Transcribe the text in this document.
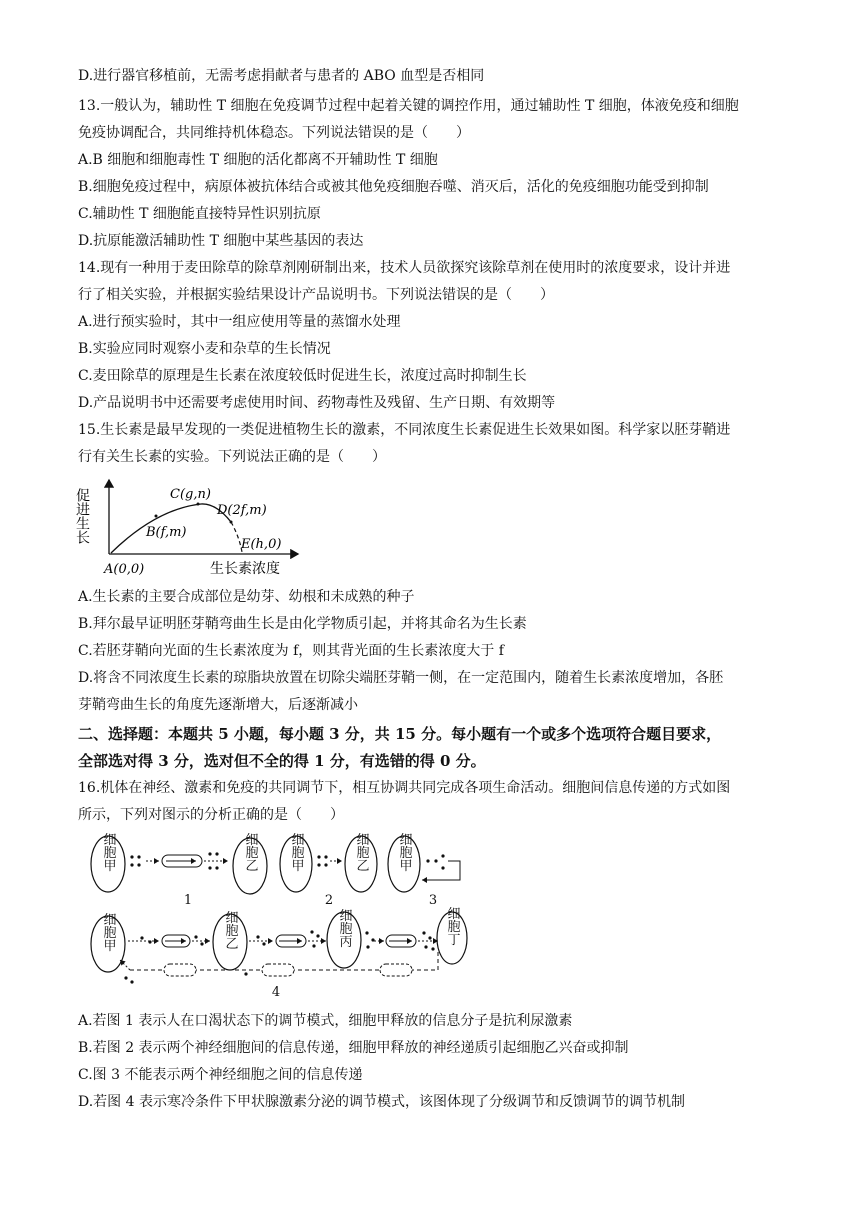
D.进行器官移植前，无需考虑捐献者与患者的 ABO 血型是否相同
13.一般认为，辅助性 T 细胞在免疫调节过程中起着关键的调控作用，通过辅助性 T 细胞，体液免疫和细胞
免疫协调配合，共同维持机体稳态。下列说法错误的是（　　）
A.B 细胞和细胞毒性 T 细胞的活化都离不开辅助性 T 细胞
B.细胞免疫过程中，病原体被抗体结合或被其他免疫细胞吞噬、消灭后，活化的免疫细胞功能受到抑制
C.辅助性 T 细胞能直接特异性识别抗原
D.抗原能激活辅助性 T 细胞中某些基因的表达
14.现有一种用于麦田除草的除草剂刚研制出来，技术人员欲探究该除草剂在使用时的浓度要求，设计并进
行了相关实验，并根据实验结果设计产品说明书。下列说法错误的是（　　）
A.进行预实验时，其中一组应使用等量的蒸馏水处理
B.实验应同时观察小麦和杂草的生长情况
C.麦田除草的原理是生长素在浓度较低时促进生长，浓度过高时抑制生长
D.产品说明书中还需要考虑使用时间、药物毒性及残留、生产日期、有效期等
15.生长素是最早发现的一类促进植物生长的激素，不同浓度生长素促进生长效果如图。科学家以胚芽鞘进
行有关生长素的实验。下列说法正确的是（　　）
促进生长
A(0,0)
B(f,m)
C(g,n)
D(2f,m)
E(h,0)
生长素浓度
A.生长素的主要合成部位是幼芽、幼根和未成熟的种子
B.拜尔最早证明胚芽鞘弯曲生长是由化学物质引起，并将其命名为生长素
C.若胚芽鞘向光面的生长素浓度为 f，则其背光面的生长素浓度大于 f
D.将含不同浓度生长素的琼脂块放置在切除尖端胚芽鞘一侧，在一定范围内，随着生长素浓度增加，各胚
芽鞘弯曲生长的角度先逐渐增大，后逐渐减小
二、选择题：本题共 5 小题，每小题 3 分，共 15 分。每小题有一个或多个选项符合题目要求，
全部选对得 3 分，选对但不全的得 1 分，有选错的得 0 分。
16.机体在神经、激素和免疫的共同调节下，相互协调共同完成各项生命活动。细胞间信息传递的方式如图
所示，下列对图示的分析正确的是（　　）
细胞甲	细胞乙
1
细胞甲	细胞乙
2
细胞甲
3
细胞甲	细胞乙	细胞丙	细胞丁
4
A.若图 1 表示人在口渴状态下的调节模式，细胞甲释放的信息分子是抗利尿激素
B.若图 2 表示两个神经细胞间的信息传递，细胞甲释放的神经递质引起细胞乙兴奋或抑制
C.图 3 不能表示两个神经细胞之间的信息传递
D.若图 4 表示寒冷条件下甲状腺激素分泌的调节模式，该图体现了分级调节和反馈调节的调节机制
